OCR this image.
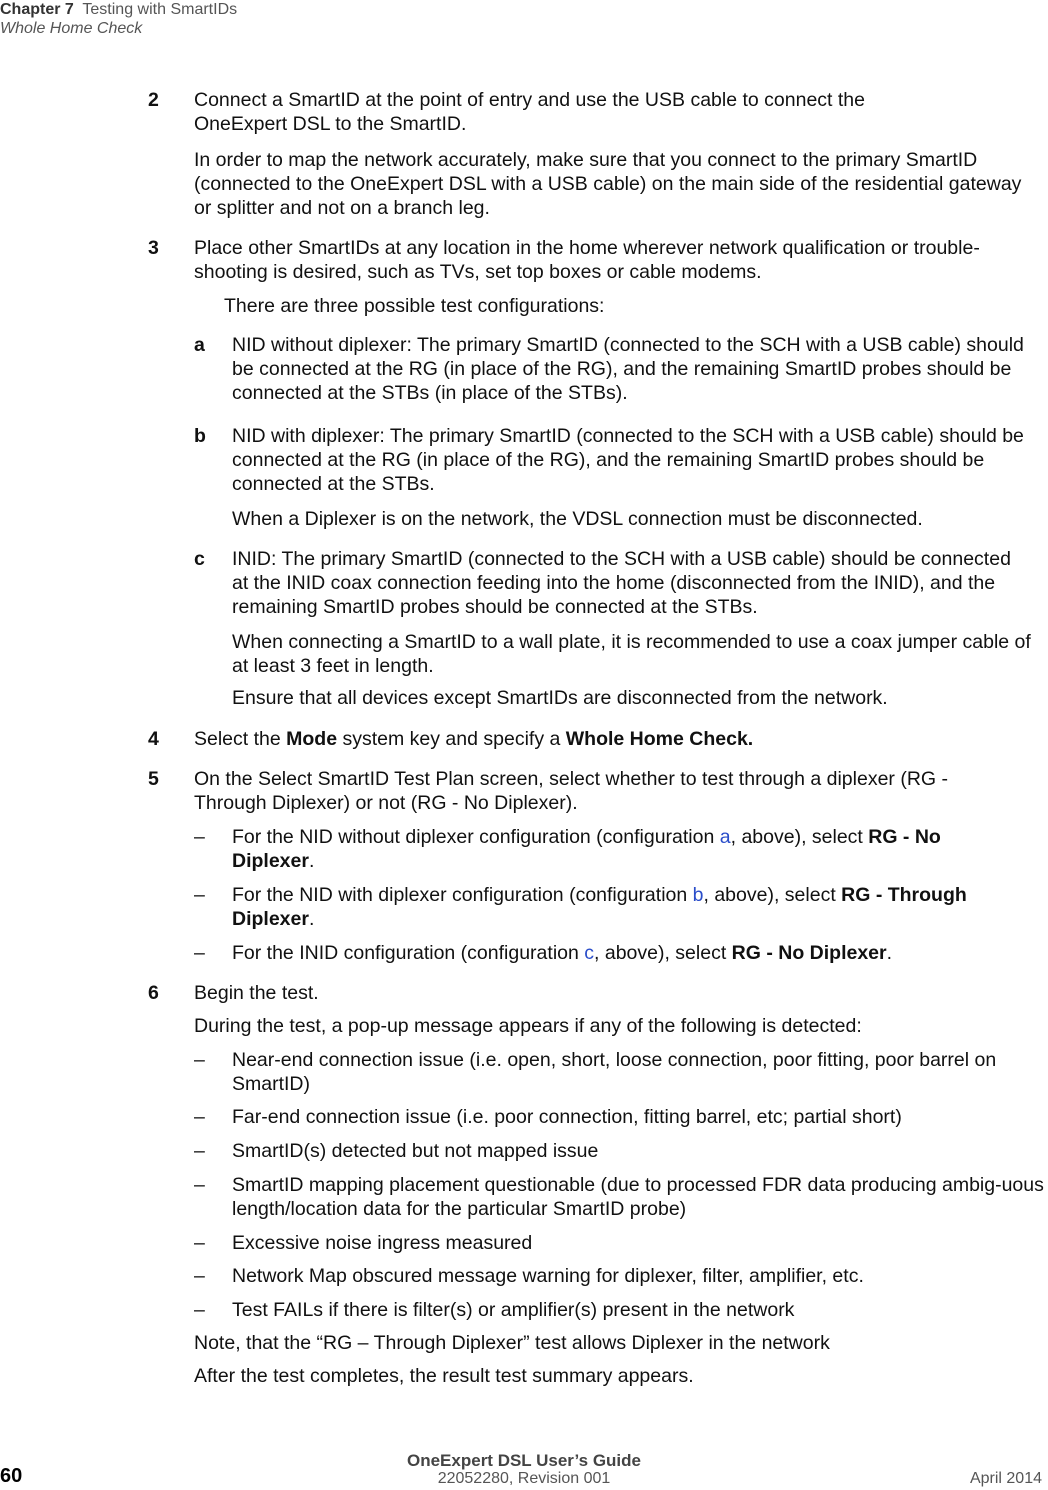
Chapter 7 Testing with SmartIDs
Whole Home Check
2 Connect a SmartID at the point of entry and use the USB cable to connect the OneExpert DSL to the SmartID.
In order to map the network accurately, make sure that you connect to the primary SmartID (connected to the OneExpert DSL with a USB cable) on the main side of the residential gateway or splitter and not on a branch leg.
3 Place other SmartIDs at any location in the home wherever network qualification or trouble-shooting is desired, such as TVs, set top boxes or cable modems.
There are three possible test configurations:
a NID without diplexer: The primary SmartID (connected to the SCH with a USB cable) should be connected at the RG (in place of the RG), and the remaining SmartID probes should be connected at the STBs (in place of the STBs).
b NID with diplexer: The primary SmartID (connected to the SCH with a USB cable) should be connected at the RG (in place of the RG), and the remaining SmartID probes should be connected at the STBs.
When a Diplexer is on the network, the VDSL connection must be disconnected.
c INID: The primary SmartID (connected to the SCH with a USB cable) should be connected at the INID coax connection feeding into the home (disconnected from the INID), and the remaining SmartID probes should be connected at the STBs.
When connecting a SmartID to a wall plate, it is recommended to use a coax jumper cable of at least 3 feet in length.
Ensure that all devices except SmartIDs are disconnected from the network.
4 Select the Mode system key and specify a Whole Home Check.
5 On the Select SmartID Test Plan screen, select whether to test through a diplexer (RG - Through Diplexer) or not (RG - No Diplexer).
– For the NID without diplexer configuration (configuration a, above), select RG - No Diplexer.
– For the NID with diplexer configuration (configuration b, above), select RG - Through Diplexer.
– For the INID configuration (configuration c, above), select RG - No Diplexer.
6 Begin the test.
During the test, a pop-up message appears if any of the following is detected:
– Near-end connection issue (i.e. open, short, loose connection, poor fitting, poor barrel on SmartID)
– Far-end connection issue (i.e. poor connection, fitting barrel, etc; partial short)
– SmartID(s) detected but not mapped issue
– SmartID mapping placement questionable (due to processed FDR data producing ambig-uous length/location data for the particular SmartID probe)
– Excessive noise ingress measured
– Network Map obscured message warning for diplexer, filter, amplifier, etc.
– Test FAILs if there is filter(s) or amplifier(s) present in the network
Note, that the “RG – Through Diplexer” test allows Diplexer in the network
After the test completes, the result test summary appears.
60
OneExpert DSL User’s Guide
22052280, Revision 001	April 2014
